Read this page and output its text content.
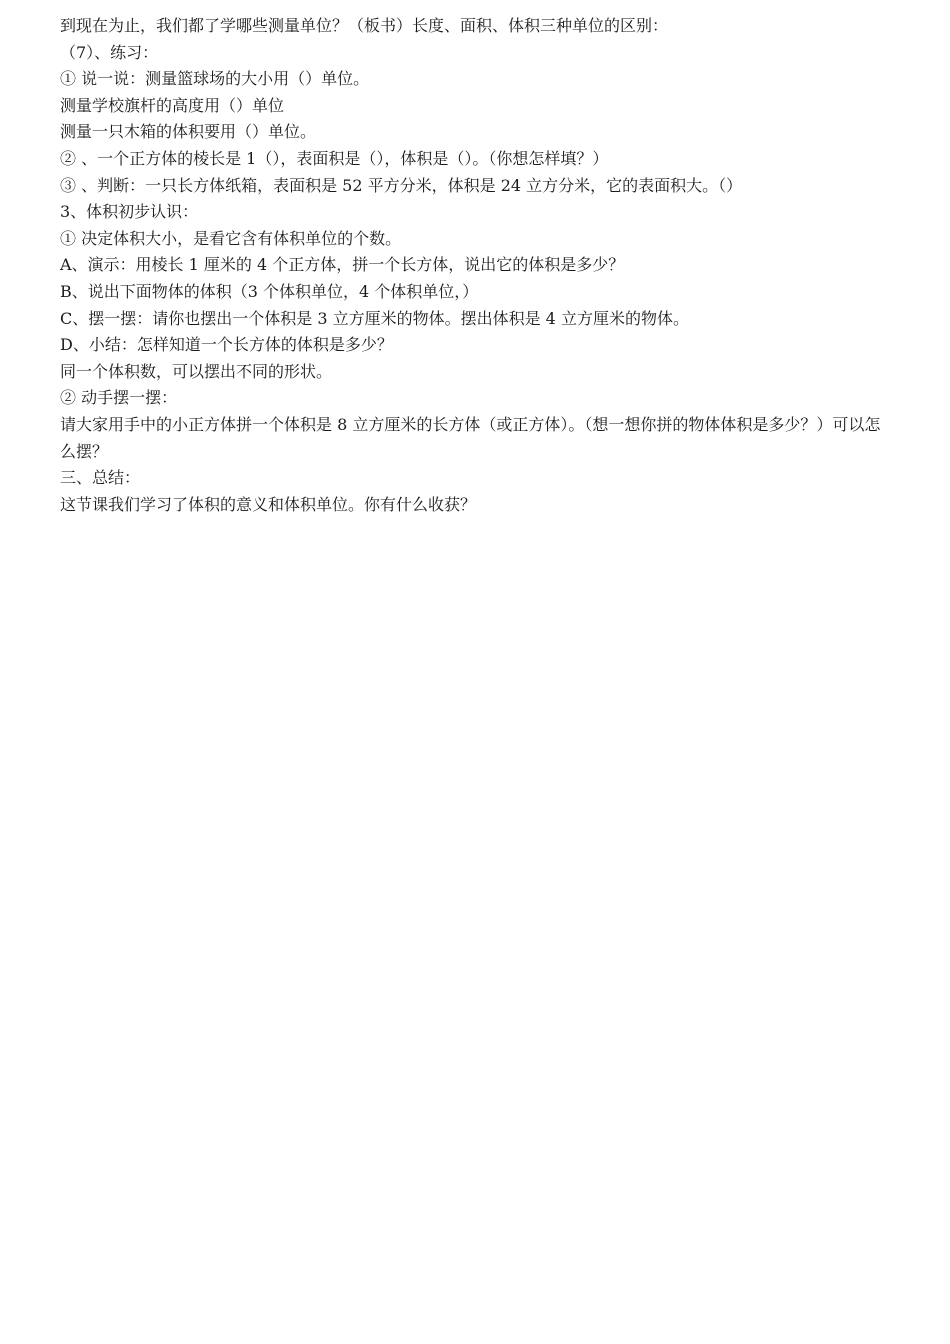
到现在为止，我们都了学哪些测量单位？（板书）长度、面积、体积三种单位的区别：

（7）、练习：

① 说一说：测量篮球场的大小用（）单位。

测量学校旗杆的高度用（）单位

测量一只木箱的体积要用（）单位。

② 、一个正方体的棱长是 1（），表面积是（），体积是（）。（你想怎样填？）

③ 、判断：一只长方体纸箱，表面积是 52 平方分米，体积是 24 立方分米，它的表面积大。（）

3、体积初步认识：

① 决定体积大小，是看它含有体积单位的个数。

A、演示：用棱长 1 厘米的 4 个正方体，拼一个长方体，说出它的体积是多少？

B、说出下面物体的体积（3 个体积单位，4 个体积单位，）

C、摆一摆：请你也摆出一个体积是 3 立方厘米的物体。摆出体积是 4 立方厘米的物体。

D、小结：怎样知道一个长方体的体积是多少？

同一个体积数，可以摆出不同的形状。

② 动手摆一摆：

请大家用手中的小正方体拼一个体积是 8 立方厘米的长方体（或正方体）。（想一想你拼的物体体积是多少？）可以怎么摆？

三、总结：

这节课我们学习了体积的意义和体积单位。你有什么收获？
